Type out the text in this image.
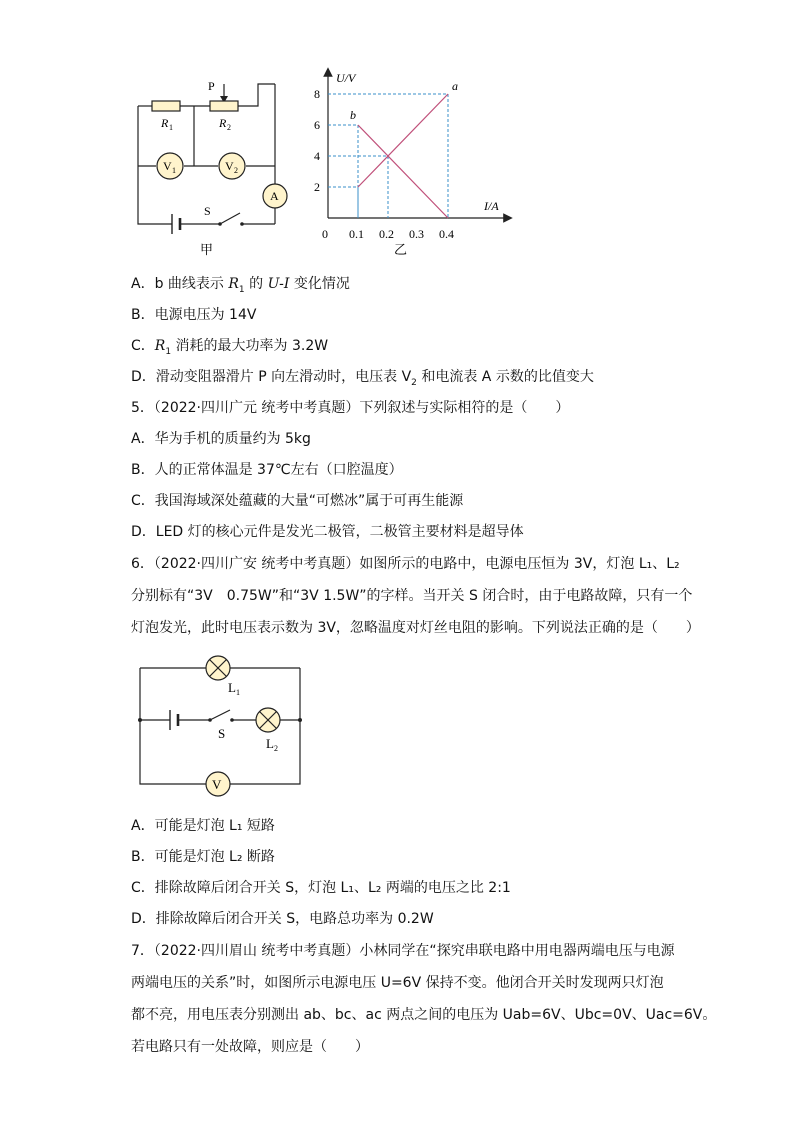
P
R 1	R 2
V 1	V 2
A
S
甲
0 0.1 0.2 0.3 0.4
2
4
6
8
U/V
I/A
a
b
乙
A．b 曲线表示 $R_1$ 的 U-I 变化情况
B．电源电压为 14V
C．$R_1$ 消耗的最大功率为 3.2W
D．滑动变阻器滑片 P 向左滑动时，电压表 $V_2$ 和电流表 A 示数的比值变大
5．（2022·四川广元 统考中考真题）下列叙述与实际相符的是（　　）
A．华为手机的质量约为 5kg
B．人的正常体温是 37℃左右（口腔温度）
C．我国海域深处蕴藏的大量“可燃冰”属于可再生能源
D．LED 灯的核心元件是发光二极管，二极管主要材料是超导体
6．（2022·四川广安 统考中考真题）如图所示的电路中，电源电压恒为 3V，灯泡 L₁、L₂
分别标有“3V　0.75W”和“3V 1.5W”的字样。当开关 S 闭合时，由于电路故障，只有一个
灯泡发光，此时电压表示数为 3V，忽略温度对灯丝电阻的影响。下列说法正确的是（　　）
V
L 1
L 2
S
A．可能是灯泡 L₁ 短路
B．可能是灯泡 L₂ 断路
C．排除故障后闭合开关 S，灯泡 L₁、L₂ 两端的电压之比 2:1
D．排除故障后闭合开关 S，电路总功率为 0.2W
7．（2022·四川眉山 统考中考真题）小林同学在“探究串联电路中用电器两端电压与电源
两端电压的关系”时，如图所示电源电压 U=6V 保持不变。他闭合开关时发现两只灯泡
都不亮，用电压表分别测出 ab、bc、ac 两点之间的电压为 Uab=6V、Ubc=0V、Uac=6V。
若电路只有一处故障，则应是（　　）
